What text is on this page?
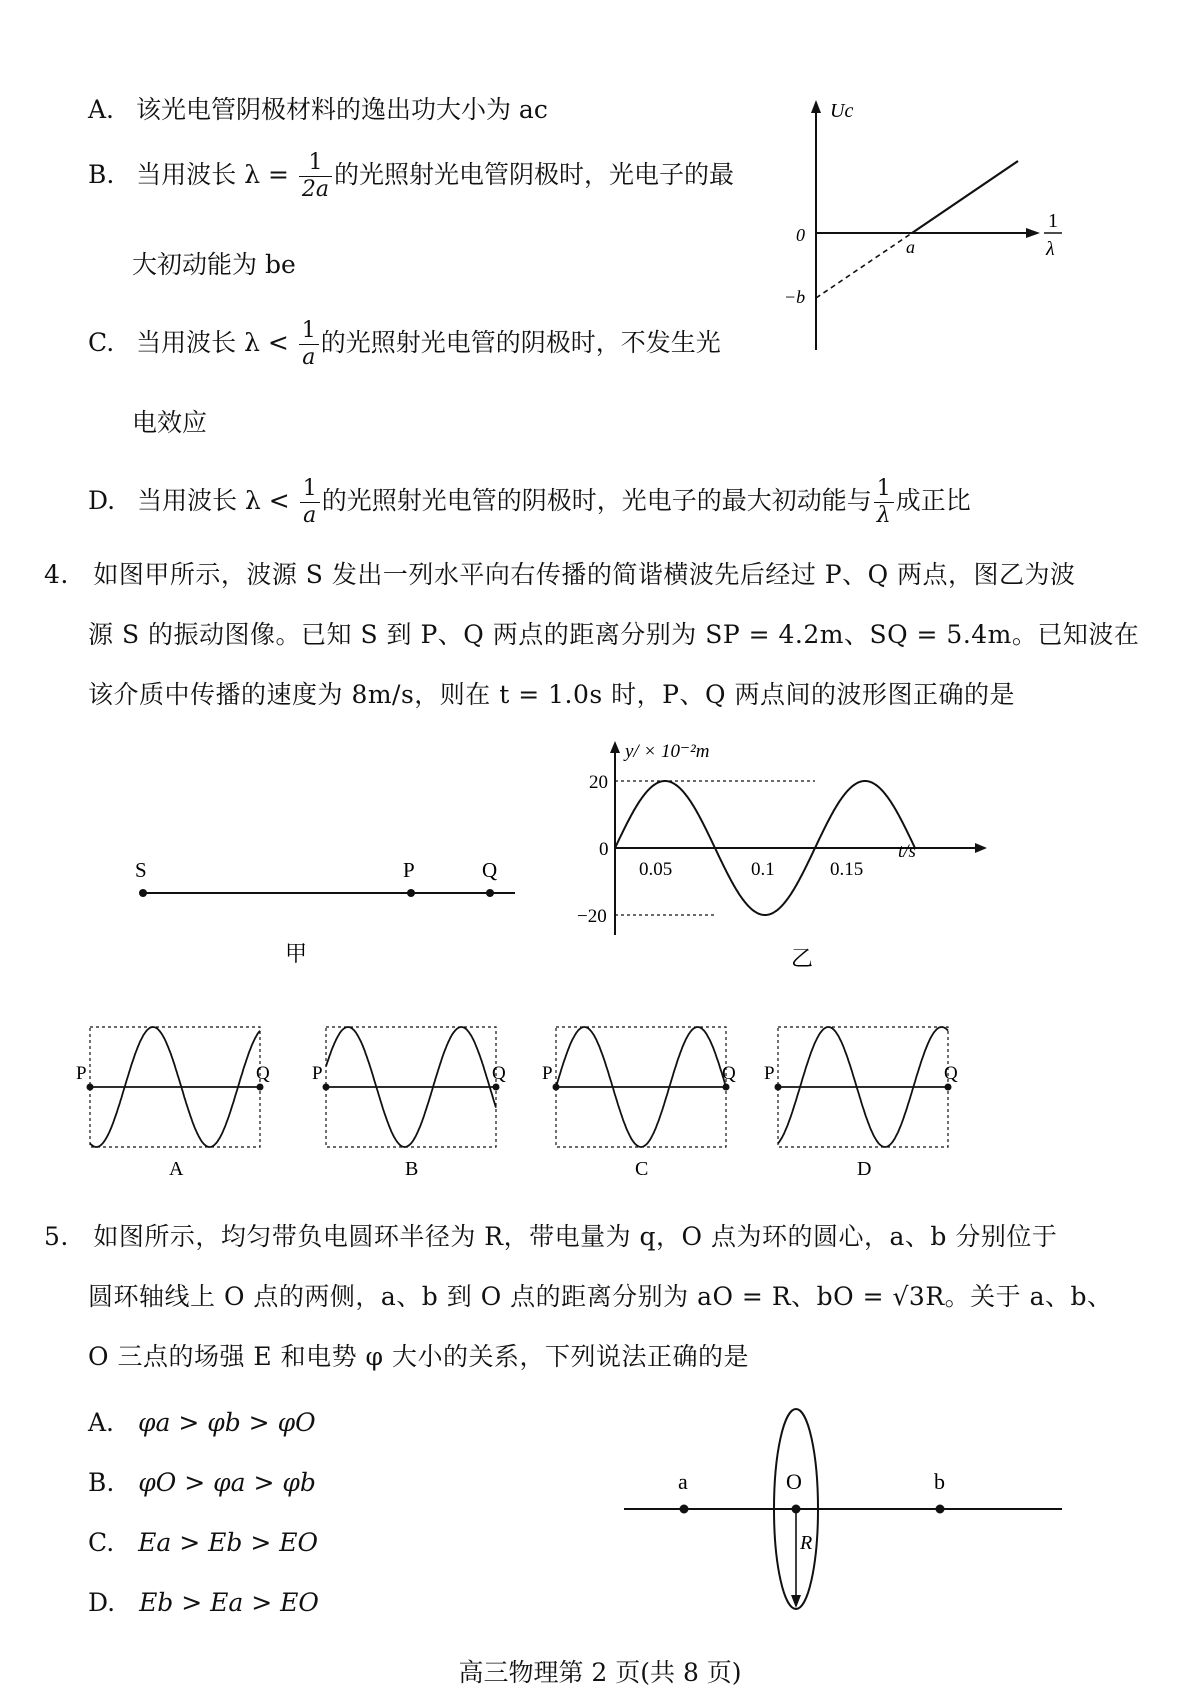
A. 该光电管阴极材料的逸出功大小为 ac
B. 当用波长 $\lambda = \frac{1}{2a}$ 的光照射光电管阴极时，光电子的最
大初动能为 be
C. 当用波长 $\lambda < \frac{1}{a}$ 的光照射光电管的阴极时，不发生光
电效应
D. 当用波长 $\lambda < \frac{1}{a}$ 的光照射光电管的阴极时，光电子的最大初动能与 $\frac{1}{\lambda}$ 成正比
Uc
1
λ
0
a
−b
4. 如图甲所示，波源 S 发出一列水平向右传播的简谐横波先后经过 P、Q 两点，图乙为波
源 S 的振动图像。已知 S 到 P、Q 两点的距离分别为 SP = 4.2m、SQ = 5.4m。已知波在
该介质中传播的速度为 8m/s，则在 t = 1.0s 时，P、Q 两点间的波形图正确的是
S	P	Q
甲
y/ × 10⁻²m
t/s
0.05	0.1	0.15
20
0
−20
乙
P	Q
A
P	Q
B
P	Q
C
P	Q
D
5. 如图所示，均匀带负电圆环半径为 R，带电量为 q，O 点为环的圆心，a、b 分别位于
圆环轴线上 O 点的两侧，a、b 到 O 点的距离分别为 aO = R、bO = √3R。关于 a、b、
O 三点的场强 E 和电势 φ 大小的关系，下列说法正确的是
A. φa > φb > φO
B. φO > φa > φb
C. Ea > Eb > EO
D. Eb > Ea > EO
a	O	b
R
高三物理第 2 页(共 8 页)
